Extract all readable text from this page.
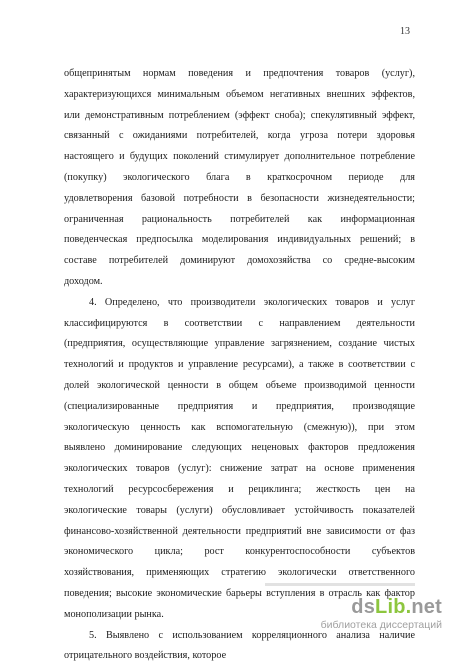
13
общепринятым нормам поведения и предпочтения товаров (услуг),
характеризующихся минимальным объемом негативных внешних эффектов,
или демонстративным потреблением (эффект сноба); спекулятивный эффект,
связанный с ожиданиями потребителей, когда угроза потери здоровья
настоящего и будущих поколений стимулирует дополнительное потребление
(покупку) экологического блага в краткосрочном периоде для
удовлетворения базовой потребности в безопасности жизнедеятельности;
ограниченная рациональность потребителей как информационная
поведенческая предпосылка моделирования индивидуальных решений; в
составе потребителей доминируют домохозяйства со средне-высоким
доходом.
4. Определено, что производители экологических товаров и услуг
классифицируются в соответствии с направлением деятельности
(предприятия, осуществляющие управление загрязнением, создание чистых
технологий и продуктов и управление ресурсами), а также в соответствии с
долей экологической ценности в общем объеме производимой ценности
(специализированные предприятия и предприятия, производящие
экологическую ценность как вспомогательную (смежную)), при этом
выявлено доминирование следующих неценовых факторов предложения
экологических товаров (услуг): снижение затрат на основе применения
технологий ресурсосбережения и рециклинга; жесткость цен на
экологические товары (услуги) обусловливает устойчивость показателей
финансово-хозяйственной деятельности предприятий вне зависимости от фаз
экономического цикла; рост конкурентоспособности субъектов
хозяйствования, применяющих стратегию экологически ответственного
поведения; высокие экономические барьеры вступления в отрасль как фактор
монополизации рынка.
5. Выявлено с использованием корреляционного анализа наличие
отрицательного воздействия, которое
dsLib.net
библиотека диссертаций
